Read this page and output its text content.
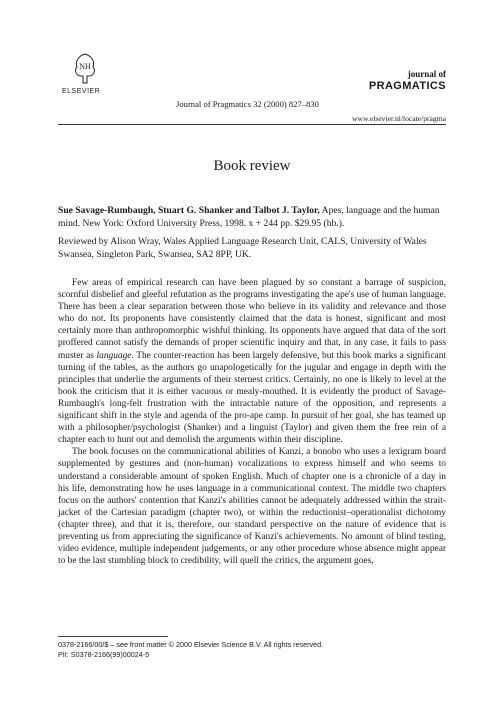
NH
ELSEVIER
Journal of Pragmatics 32 (2000) 827–830
journal of
PRAGMATICS
www.elsevier.nl/locate/pragma
Book review
Sue Savage-Rumbaugh, Stuart G. Shanker and Talbot J. Taylor, Apes, language and the human mind. New York: Oxford University Press, 1998. x + 244 pp. $29.95 (hb.).
Reviewed by Alison Wray, Wales Applied Language Research Unit, CALS, University of Wales Swansea, Singleton Park, Swansea, SA2 8PP, UK.

Few areas of empirical research can have been plagued by so constant a barrage of suspicion, scornful disbelief and gleeful refutation as the programs investigating the ape's use of human language. There has been a clear separation between those who believe in its validity and relevance and those who do not. Its proponents have consistently claimed that the data is honest, significant and most certainly more than anthropomorphic wishful thinking. Its opponents have argued that data of the sort proffered cannot satisfy the demands of proper scientific inquiry and that, in any case, it fails to pass muster as language. The counter-reaction has been largely defensive, but this book marks a significant turning of the tables, as the authors go unapologetically for the jugular and engage in depth with the principles that underlie the arguments of their sternest critics. Certainly, no one is likely to level at the book the criticism that it is either vacuous or mealy-mouthed. It is evidently the product of Savage-Rumbaugh's long-felt frustration with the intractable nature of the opposition, and represents a significant shift in the style and agenda of the pro-ape camp. In pursuit of her goal, she has teamed up with a philosopher/psychologist (Shanker) and a linguist (Taylor) and given them the free rein of a chapter each to hunt out and demolish the arguments within their discipline.

The book focuses on the communicational abilities of Kanzi, a bonobo who uses a lexigram board supplemented by gestures and (non-human) vocalizations to express himself and who seems to understand a considerable amount of spoken English. Much of chapter one is a chronicle of a day in his life, demonstrating how he uses language in a communicational context. The middle two chapters focus on the authors' contention that Kanzi's abilities cannot be adequately addressed within the strait-jacket of the Cartesian paradigm (chapter two), or within the reductionist–operationalist dichotomy (chapter three), and that it is, therefore, our standard perspective on the nature of evidence that is preventing us from appreciating the significance of Kanzi's achievements. No amount of blind testing, video evidence, multiple independent judgements, or any other procedure whose absence might appear to be the last stumbling block to credibility, will quell the critics, the argument goes,

0378-2166/00/$ – see front matter © 2000 Elsevier Science B.V. All rights reserved.
PII: S0378-2166(99)00024-5
